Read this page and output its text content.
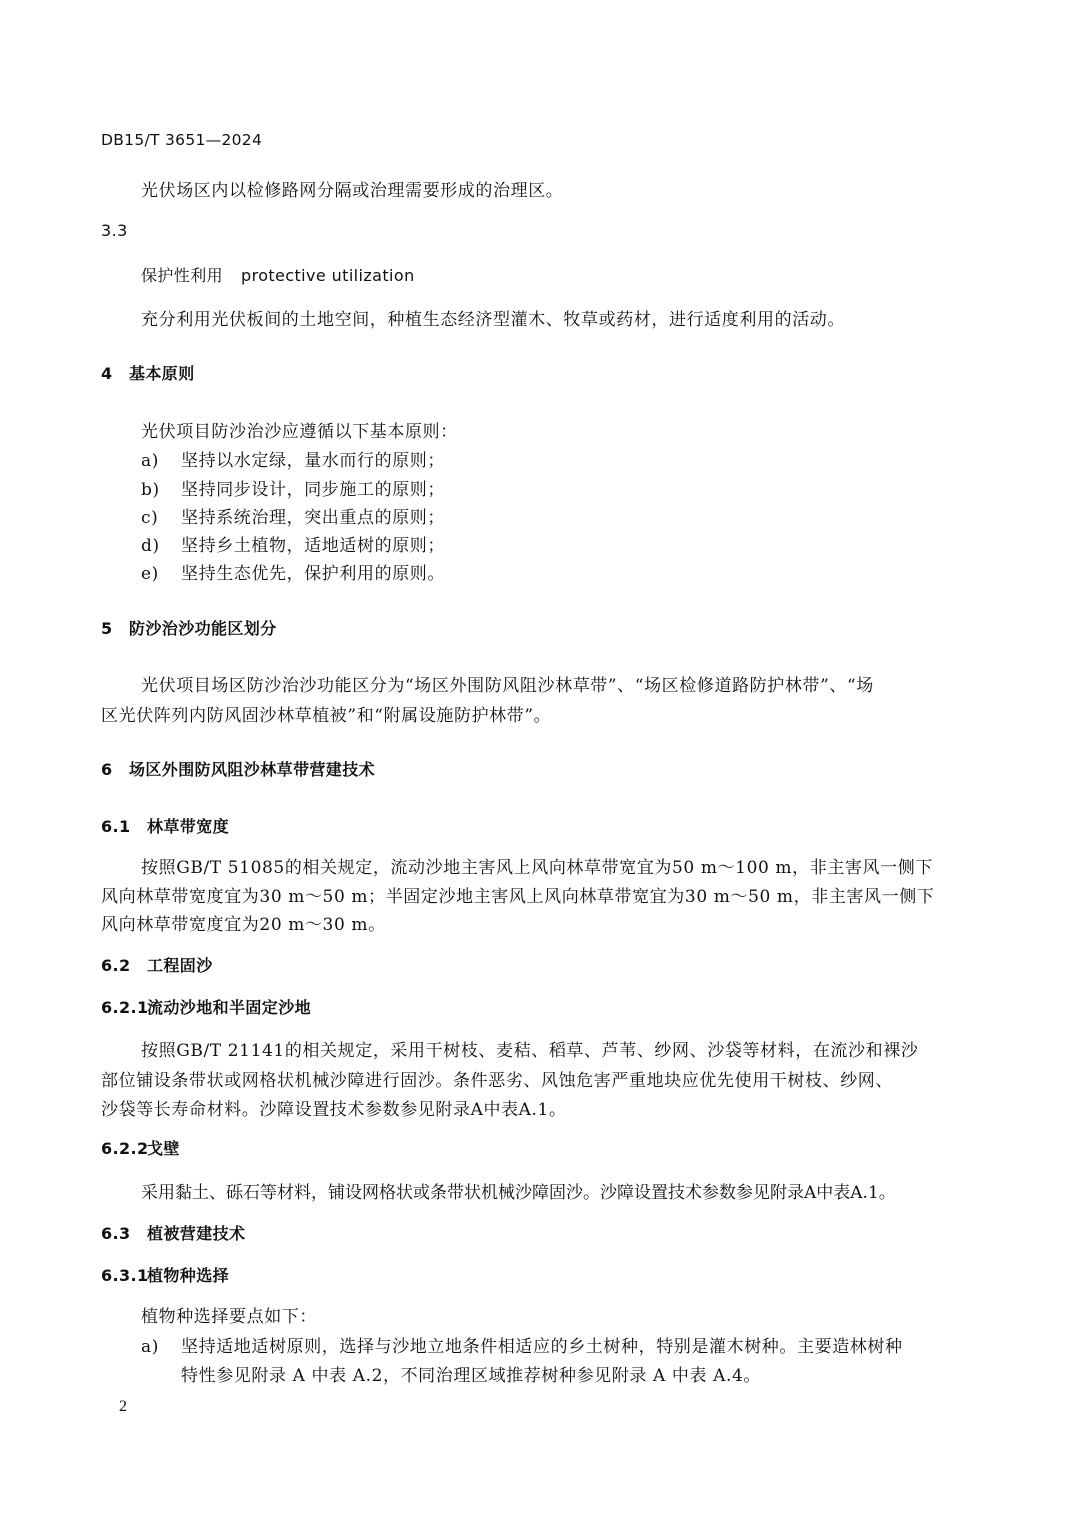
DB15/T 3651—2024
光伏场区内以检修路网分隔或治理需要形成的治理区。
3.3
保护性利用 protective utilization
充分利用光伏板间的土地空间，种植生态经济型灌木、牧草或药材，进行适度利用的活动。
4 基本原则
光伏项目防沙治沙应遵循以下基本原则：
a) 坚持以水定绿，量水而行的原则；
b) 坚持同步设计，同步施工的原则；
c) 坚持系统治理，突出重点的原则；
d) 坚持乡土植物，适地适树的原则；
e) 坚持生态优先，保护利用的原则。
5 防沙治沙功能区划分
光伏项目场区防沙治沙功能区分为“场区外围防风阻沙林草带”、“场区检修道路防护林带”、“场
区光伏阵列内防风固沙林草植被”和“附属设施防护林带”。
6 场区外围防风阻沙林草带营建技术
6.1 林草带宽度
按照GB/T 51085的相关规定，流动沙地主害风上风向林草带宽宜为50 m～100 m，非主害风一侧下
风向林草带宽度宜为30 m～50 m；半固定沙地主害风上风向林草带宽宜为30 m～50 m，非主害风一侧下
风向林草带宽度宜为20 m～30 m。
6.2 工程固沙
6.2.1流动沙地和半固定沙地
按照GB/T 21141的相关规定，采用干树枝、麦秸、稻草、芦苇、纱网、沙袋等材料，在流沙和裸沙
部位铺设条带状或网格状机械沙障进行固沙。条件恶劣、风蚀危害严重地块应优先使用干树枝、纱网、
沙袋等长寿命材料。沙障设置技术参数参见附录A中表A.1。
6.2.2戈壁
采用黏土、砾石等材料，铺设网格状或条带状机械沙障固沙。沙障设置技术参数参见附录A中表A.1。
6.3 植被营建技术
6.3.1植物种选择
植物种选择要点如下：
a) 坚持适地适树原则，选择与沙地立地条件相适应的乡土树种，特别是灌木树种。主要造林树种
特性参见附录 A 中表 A.2，不同治理区域推荐树种参见附录 A 中表 A.4。
2
